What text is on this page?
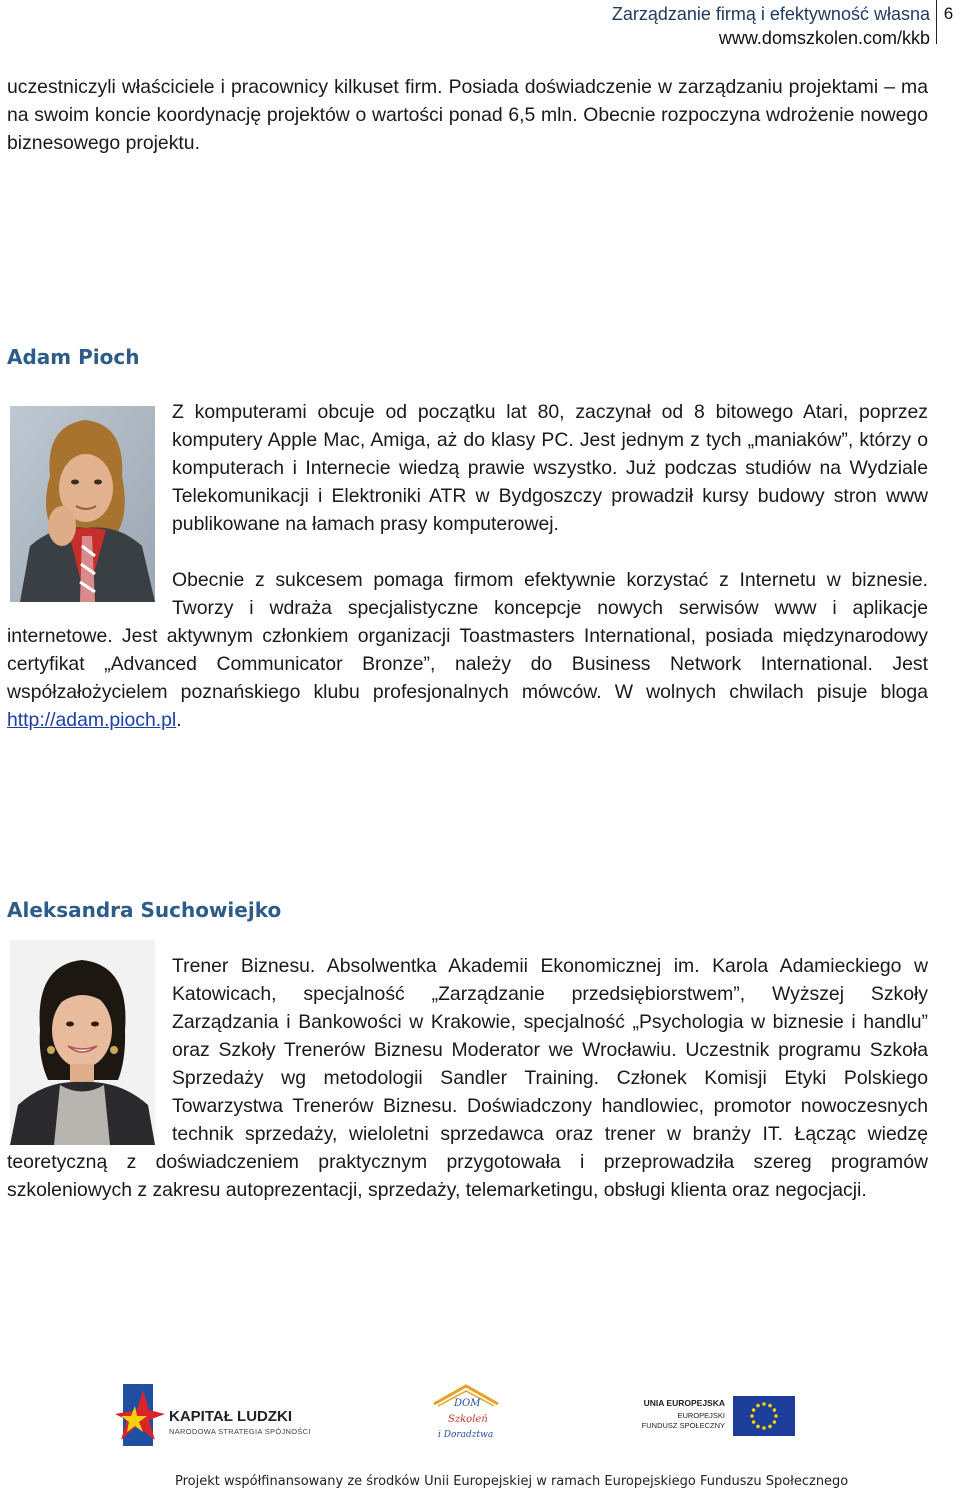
Zarządzanie firmą i efektywność własna
www.domszkolen.com/kkb
6

uczestniczyli właściciele i pracownicy kilkuset firm. Posiada doświadczenie w zarządzaniu projektami – ma na swoim koncie koordynację projektów o wartości ponad 6,5 mln. Obecnie rozpoczyna wdrożenie nowego biznesowego projektu.

Adam Pioch

Z komputerami obcuje od początku lat 80, zaczynał od 8 bitowego Atari, poprzez komputery Apple Mac, Amiga, aż do klasy PC. Jest jednym z tych „maniaków”, którzy o komputerach i Internecie wiedzą prawie wszystko. Już podczas studiów na Wydziale Telekomunikacji i Elektroniki ATR w Bydgoszczy prowadził kursy budowy stron www publikowane na łamach prasy komputerowej.

Obecnie z sukcesem pomaga firmom efektywnie korzystać z Internetu w biznesie. Tworzy i wdraża specjalistyczne koncepcje nowych serwisów www i aplikacje internetowe. Jest aktywnym członkiem organizacji Toastmasters International, posiada międzynarodowy certyfikat „Advanced Communicator Bronze”, należy do Business Network International. Jest współzałożycielem poznańskiego klubu profesjonalnych mówców. W wolnych chwilach pisuje bloga http://adam.pioch.pl.

Aleksandra Suchowiejko

Trener Biznesu. Absolwentka Akademii Ekonomicznej im. Karola Adamieckiego w Katowicach, specjalność „Zarządzanie przedsiębiorstwem”, Wyższej Szkoły Zarządzania i Bankowości w Krakowie, specjalność „Psychologia w biznesie i handlu” oraz Szkoły Trenerów Biznesu Moderator we Wrocławiu. Uczestnik programu Szkoła Sprzedaży wg metodologii Sandler Training. Członek Komisji Etyki Polskiego Towarzystwa Trenerów Biznesu. Doświadczony handlowiec, promotor nowoczesnych technik sprzedaży, wieloletni sprzedawca oraz trener w branży IT. Łącząc wiedzę teoretyczną z doświadczeniem praktycznym przygotowała i przeprowadziła szereg programów szkoleniowych z zakresu autoprezentacji, sprzedaży, telemarketingu, obsługi klienta oraz negocjacji.

KAPITAŁ LUDZKI
NARODOWA STRATEGIA SPÓJNOŚCI
DOM
Szkoleń
i Doradztwa
UNIA EUROPEJSKA
EUROPEJSKI
FUNDUSZ SPOŁECZNY
Projekt współfinansowany ze środków Unii Europejskiej w ramach Europejskiego Funduszu Społecznego
